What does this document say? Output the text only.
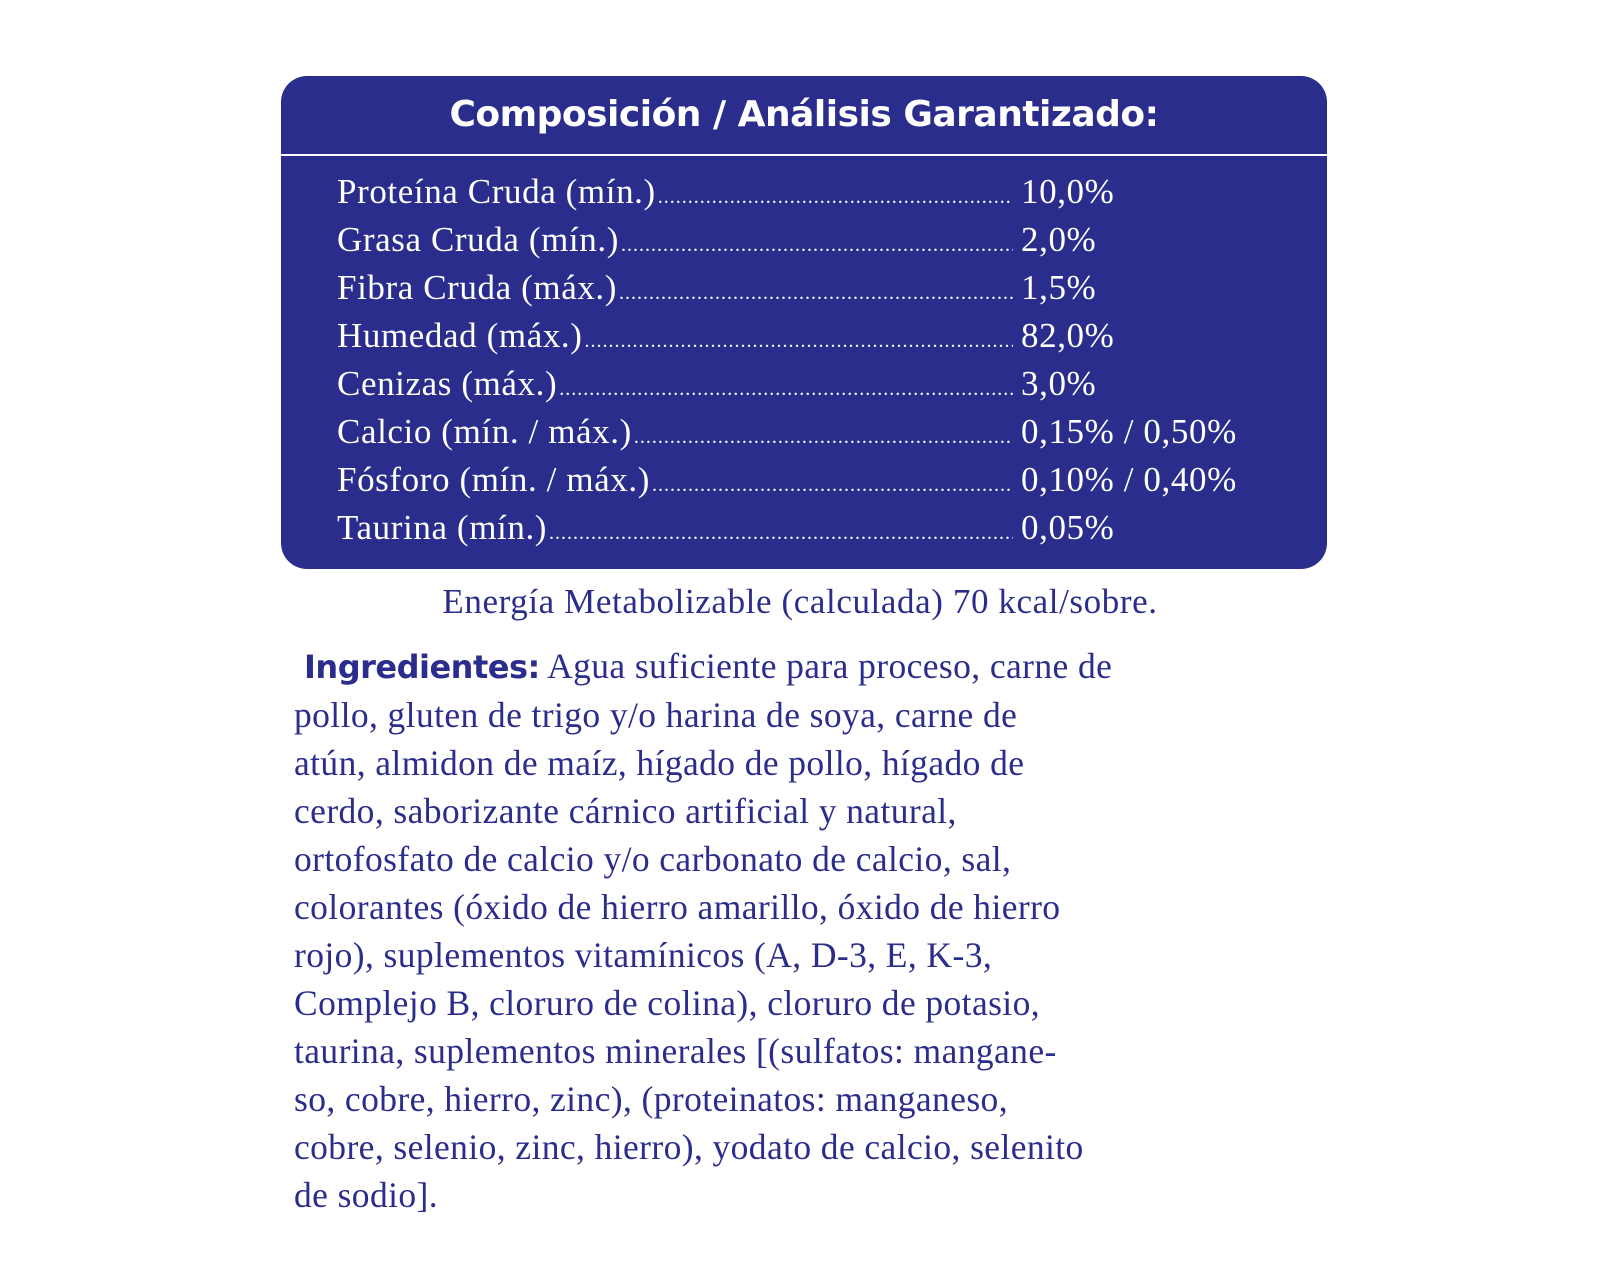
Composición / Análisis Garantizado:
Proteína Cruda (mín.) .....	10,0%
Grasa Cruda (mín.) .....	2,0%
Fibra Cruda (máx.) .....	1,5%
Humedad (máx.) .....	82,0%
Cenizas (máx.) .....	3,0%
Calcio (mín. / máx.) .....	0,15% / 0,50%
Fósforo (mín. / máx.) .....	0,10% / 0,40%
Taurina (mín.) .....	0,05%
Energía Metabolizable (calculada) 70 kcal/sobre.
Ingredientes: Agua suficiente para proceso, carne de
pollo, gluten de trigo y/o harina de soya, carne de
atún, almidon de maíz, hígado de pollo, hígado de
cerdo, saborizante cárnico artificial y natural,
ortofosfato de calcio y/o carbonato de calcio, sal,
colorantes (óxido de hierro amarillo, óxido de hierro
rojo), suplementos vitamínicos (A, D-3, E, K-3,
Complejo B, cloruro de colina), cloruro de potasio,
taurina, suplementos minerales [(sulfatos: mangane-
so, cobre, hierro, zinc), (proteinatos: manganeso,
cobre, selenio, zinc, hierro), yodato de calcio, selenito
de sodio].
